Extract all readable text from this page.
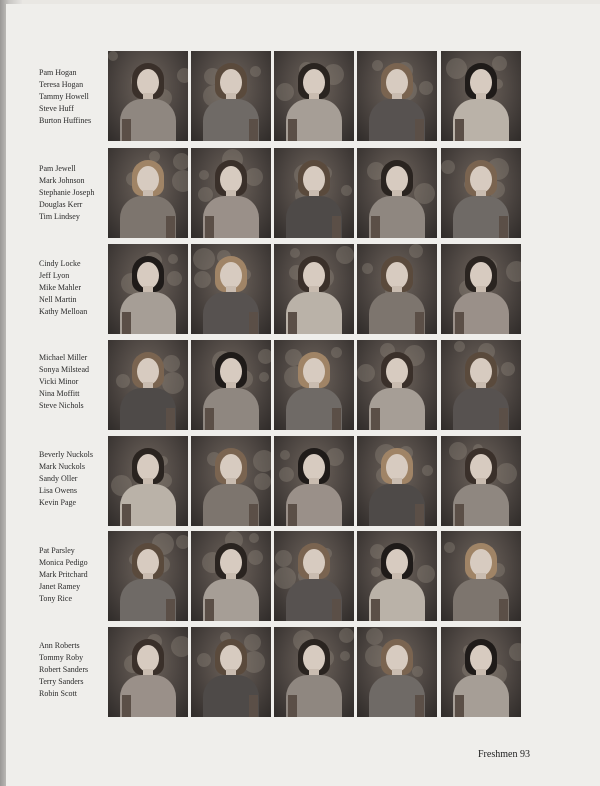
Pam Hogan
Teresa Hogan
Tammy Howell
Steve Huff
Burton Huffines
Pam Jewell
Mark Johnson
Stephanie Joseph
Douglas Kerr
Tim Lindsey
Cindy Locke
Jeff Lyon
Mike Mahler
Nell Martin
Kathy Melloan
Michael Miller
Sonya Milstead
Vicki Minor
Nina Moffitt
Steve Nichols
Beverly Nuckols
Mark Nuckols
Sandy Oller
Lisa Owens
Kevin Page
Pat Parsley
Monica Pedigo
Mark Pritchard
Janet Ramey
Tony Rice
Ann Roberts
Tommy Roby
Robert Sanders
Terry Sanders
Robin Scott
Freshmen 93
